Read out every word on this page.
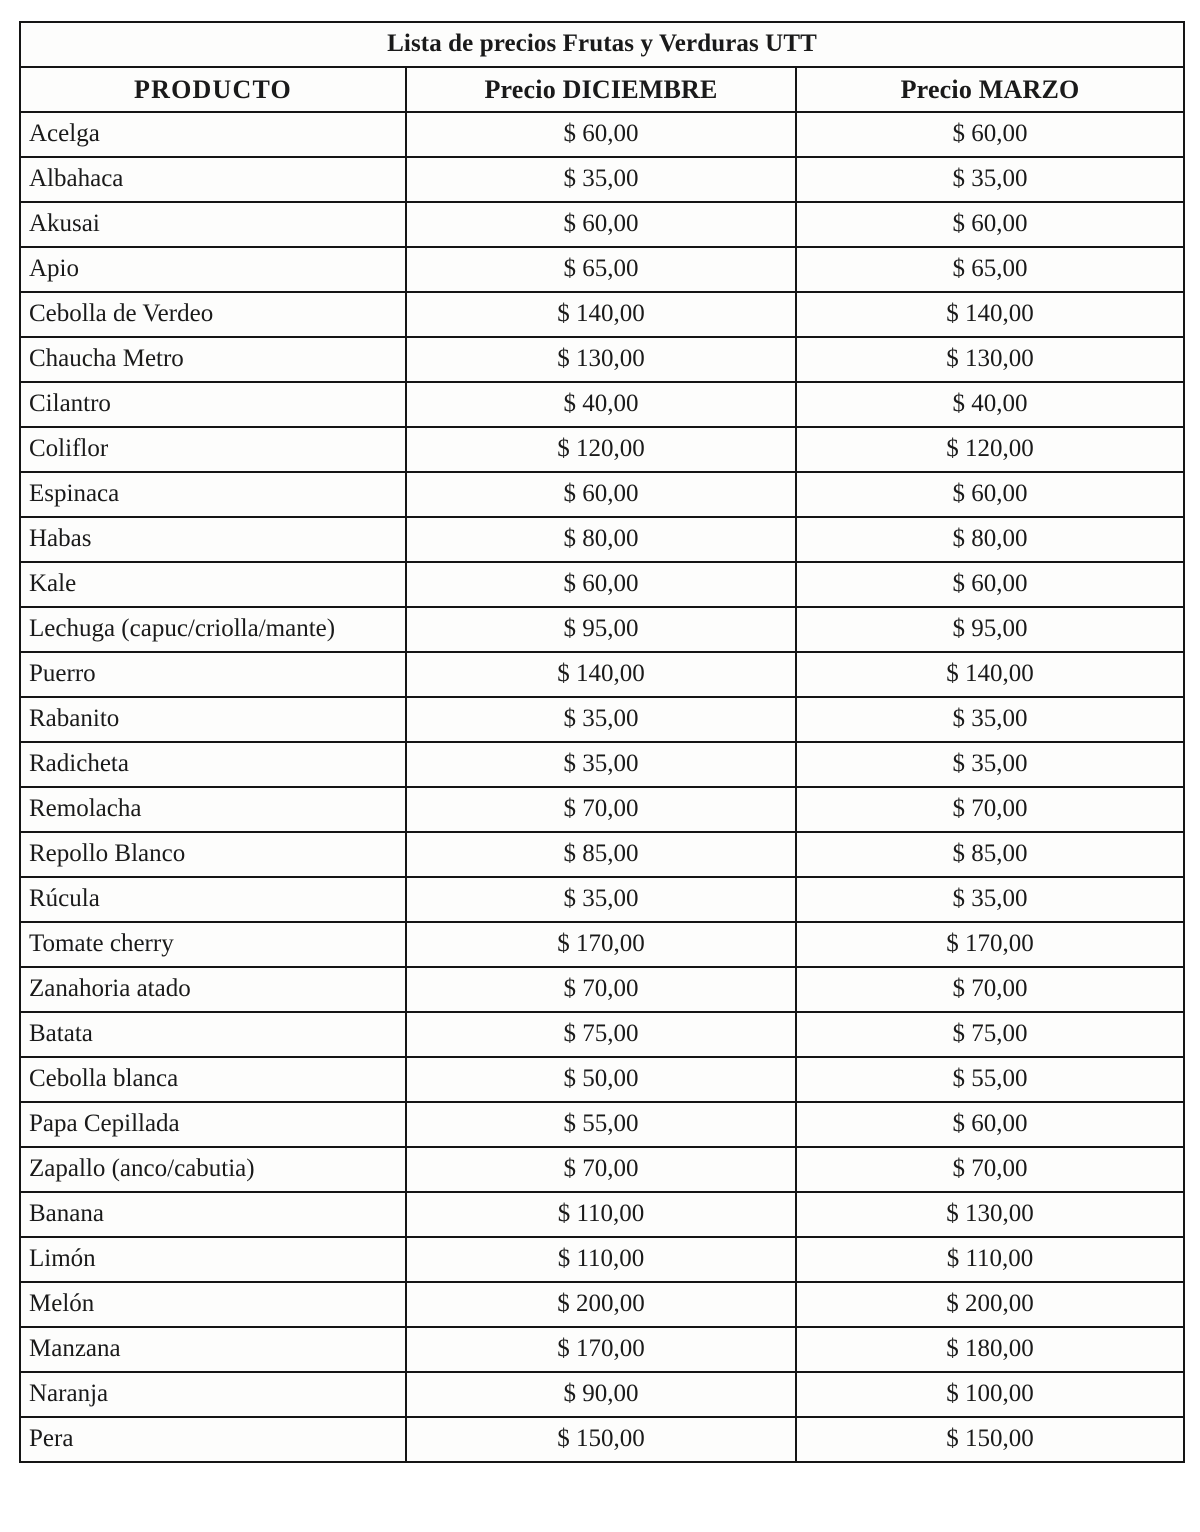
Lista de precios Frutas y Verduras UTT		
PRODUCTO	Precio DICIEMBRE	Precio MARZO
Acelga	$ 60,00	$ 60,00
Albahaca	$ 35,00	$ 35,00
Akusai	$ 60,00	$ 60,00
Apio	$ 65,00	$ 65,00
Cebolla de Verdeo	$ 140,00	$ 140,00
Chaucha Metro	$ 130,00	$ 130,00
Cilantro	$ 40,00	$ 40,00
Coliflor	$ 120,00	$ 120,00
Espinaca	$ 60,00	$ 60,00
Habas	$ 80,00	$ 80,00
Kale	$ 60,00	$ 60,00
Lechuga (capuc/criolla/mante)	$ 95,00	$ 95,00
Puerro	$ 140,00	$ 140,00
Rabanito	$ 35,00	$ 35,00
Radicheta	$ 35,00	$ 35,00
Remolacha	$ 70,00	$ 70,00
Repollo Blanco	$ 85,00	$ 85,00
Rúcula	$ 35,00	$ 35,00
Tomate cherry	$ 170,00	$ 170,00
Zanahoria atado	$ 70,00	$ 70,00
Batata	$ 75,00	$ 75,00
Cebolla blanca	$ 50,00	$ 55,00
Papa Cepillada	$ 55,00	$ 60,00
Zapallo (anco/cabutia)	$ 70,00	$ 70,00
Banana	$ 110,00	$ 130,00
Limón	$ 110,00	$ 110,00
Melón	$ 200,00	$ 200,00
Manzana	$ 170,00	$ 180,00
Naranja	$ 90,00	$ 100,00
Pera	$ 150,00	$ 150,00
